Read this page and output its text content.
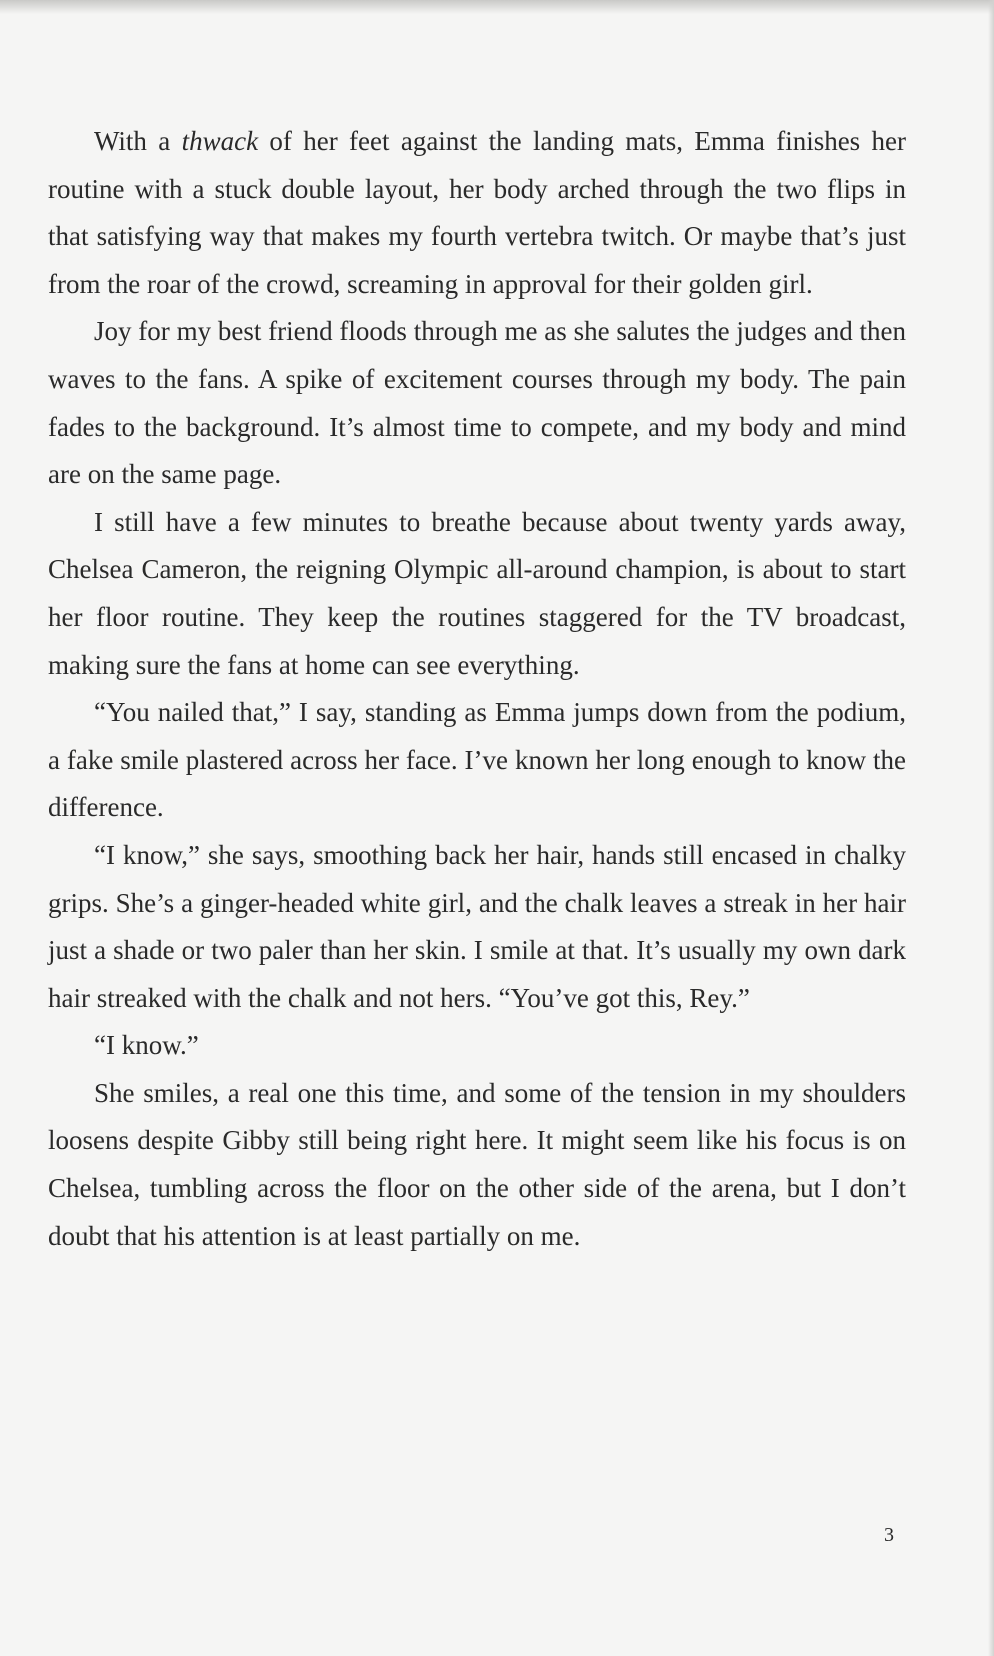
With a thwack of her feet against the landing mats, Emma finishes her routine with a stuck double layout, her body arched through the two flips in that satisfying way that makes my fourth vertebra twitch. Or maybe that’s just from the roar of the crowd, screaming in approval for their golden girl.

Joy for my best friend floods through me as she salutes the judges and then waves to the fans. A spike of excitement courses through my body. The pain fades to the background. It’s almost time to compete, and my body and mind are on the same page.

I still have a few minutes to breathe because about twenty yards away, Chelsea Cameron, the reigning Olympic all-around champion, is about to start her floor routine. They keep the routines staggered for the TV broadcast, making sure the fans at home can see everything.

“You nailed that,” I say, standing as Emma jumps down from the podium, a fake smile plastered across her face. I’ve known her long enough to know the difference.

“I know,” she says, smoothing back her hair, hands still encased in chalky grips. She’s a ginger-headed white girl, and the chalk leaves a streak in her hair just a shade or two paler than her skin. I smile at that. It’s usually my own dark hair streaked with the chalk and not hers. “You’ve got this, Rey.”

“I know.”

She smiles, a real one this time, and some of the tension in my shoulders loosens despite Gibby still being right here. It might seem like his focus is on Chelsea, tumbling across the floor on the other side of the arena, but I don’t doubt that his attention is at least partially on me.

3
